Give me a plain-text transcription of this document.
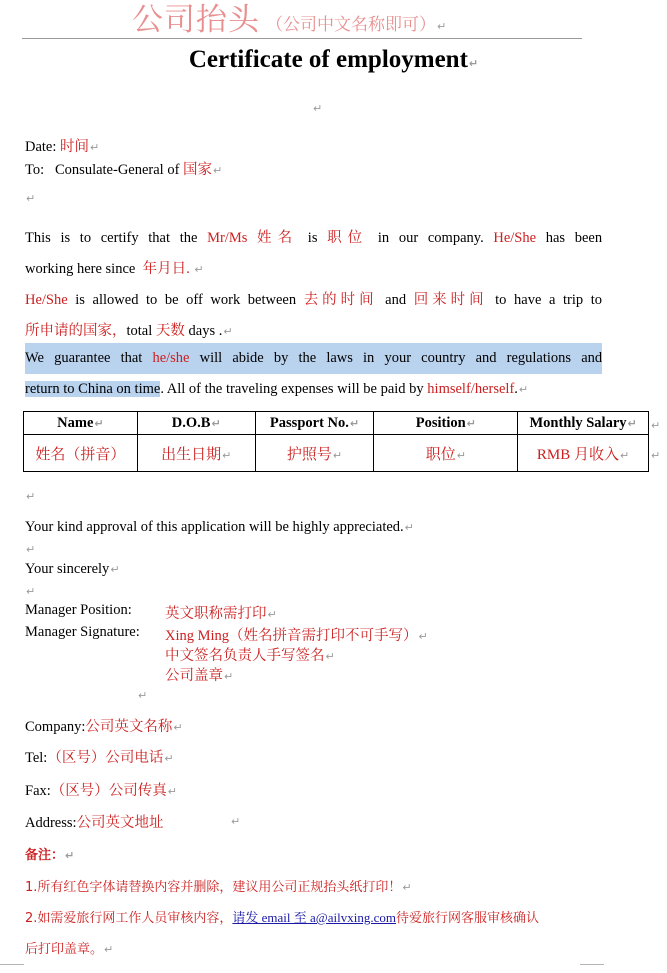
公司抬头 （公司中文名称即可）↵
Certificate of employment↵
↵
Date: 时间↵
To: Consulate-General of 国家↵
↵
This is to certify that the Mr/Ms 姓名 is 职位 in our company. He/She has been
working here since 年月日. ↵
He/She is allowed to be off work between 去的时间 and 回来时间 to have a trip to
所申请的国家，total 天数 days .↵
We guarantee that he/she will abide by the laws in your country and regulations and
return to China on time. All of the traveling expenses will be paid by himself/herself.↵
Name↵	D.O.B↵	Passport No.↵	Position↵	Monthly Salary↵
姓名（拼音）	出生日期↵	护照号↵	职位↵	RMB 月收入↵
↵
↵
↵
Your kind approval of this application will be highly appreciated.↵
↵
Your sincerely↵
↵
Manager Position: 英文职称需打印↵
Manager Signature: Xing Ming（姓名拼音需打印不可手写）↵
中文签名负责人手写签名↵
公司盖章↵
↵
Company:公司英文名称↵
Tel:（区号）公司电话↵
Fax:（区号）公司传真↵
Address:公司英文地址	↵
备注：↵
1.所有红色字体请替换内容并删除，建议用公司正规抬头纸打印！↵
2.如需爱旅行网工作人员审核内容，请发 email 至 a@ailvxing.com待爱旅行网客服审核确认
后打印盖章。↵
